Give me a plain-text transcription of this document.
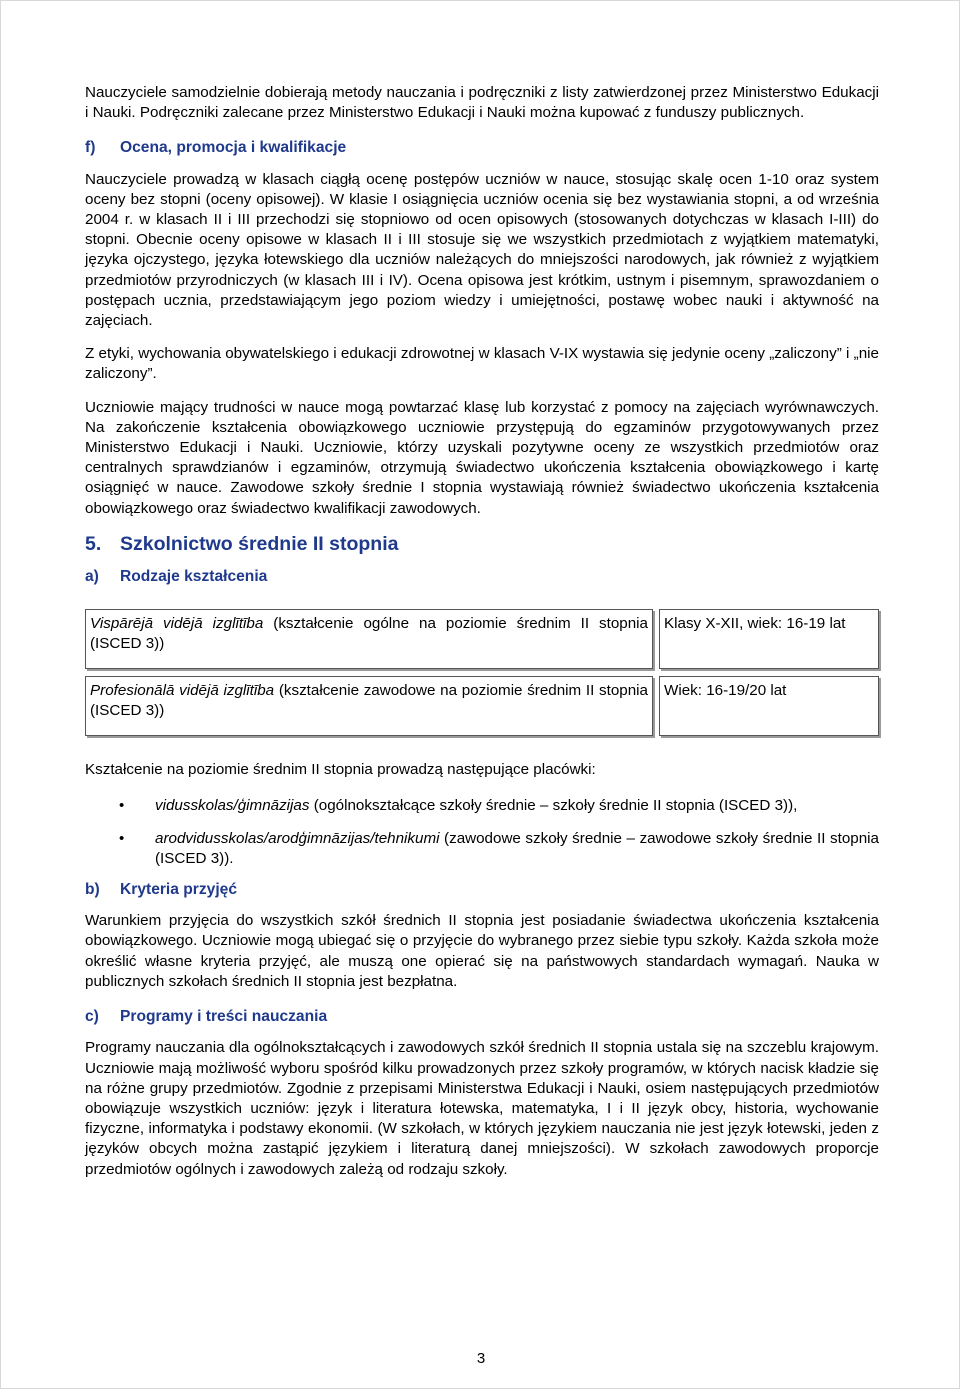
Nauczyciele samodzielnie dobierają metody nauczania i podręczniki z listy zatwierdzonej przez Ministerstwo Edukacji i Nauki. Podręczniki zalecane przez Ministerstwo Edukacji i Nauki można kupować z funduszy publicznych.

f) Ocena, promocja i kwalifikacje

Nauczyciele prowadzą w klasach ciągłą ocenę postępów uczniów w nauce, stosując skalę ocen 1-10 oraz system oceny bez stopni (oceny opisowej). W klasie I osiągnięcia uczniów ocenia się bez wystawiania stopni, a od września 2004 r. w klasach II i III przechodzi się stopniowo od ocen opisowych (stosowanych dotychczas w klasach I-III) do stopni. Obecnie oceny opisowe w klasach II i III stosuje się we wszystkich przedmiotach z wyjątkiem matematyki, języka ojczystego, języka łotewskiego dla uczniów należących do mniejszości narodowych, jak również z wyjątkiem przedmiotów przyrodniczych (w klasach III i IV). Ocena opisowa jest krótkim, ustnym i pisemnym, sprawozdaniem o postępach ucznia, przedstawiającym jego poziom wiedzy i umiejętności, postawę wobec nauki i aktywność na zajęciach.

Z etyki, wychowania obywatelskiego i edukacji zdrowotnej w klasach V-IX wystawia się jedynie oceny „zaliczony” i „nie zaliczony”.

Uczniowie mający trudności w nauce mogą powtarzać klasę lub korzystać z pomocy na zajęciach wyrównawczych. Na zakończenie kształcenia obowiązkowego uczniowie przystępują do egzaminów przygotowywanych przez Ministerstwo Edukacji i Nauki. Uczniowie, którzy uzyskali pozytywne oceny ze wszystkich przedmiotów oraz centralnych sprawdzianów i egzaminów, otrzymują świadectwo ukończenia kształcenia obowiązkowego i kartę osiągnięć w nauce. Zawodowe szkoły średnie I stopnia wystawiają również świadectwo ukończenia kształcenia obowiązkowego oraz świadectwo kwalifikacji zawodowych.

5. Szkolnictwo średnie II stopnia
a) Rodzaje kształcenia
Vispārējā vidējā izglītība (kształcenie ogólne na poziomie średnim II stopnia (ISCED 3))
Klasy X-XII, wiek: 16-19 lat
Profesionālā vidējā izglītība (kształcenie zawodowe na poziomie średnim II stopnia (ISCED 3))
Wiek: 16-19/20 lat

Kształcenie na poziomie średnim II stopnia prowadzą następujące placówki:

• vidusskolas/ģimnāzijas (ogólnokształcące szkoły średnie – szkoły średnie II stopnia (ISCED 3)),
• arodvidusskolas/arodģimnāzijas/tehnikumi (zawodowe szkoły średnie – zawodowe szkoły średnie II stopnia (ISCED 3)).
b) Kryteria przyjęć

Warunkiem przyjęcia do wszystkich szkół średnich II stopnia jest posiadanie świadectwa ukończenia kształcenia obowiązkowego. Uczniowie mogą ubiegać się o przyjęcie do wybranego przez siebie typu szkoły. Każda szkoła może określić własne kryteria przyjęć, ale muszą one opierać się na państwowych standardach wymagań. Nauka w publicznych szkołach średnich II stopnia jest bezpłatna.

c) Programy i treści nauczania

Programy nauczania dla ogólnokształcących i zawodowych szkół średnich II stopnia ustala się na szczeblu krajowym. Uczniowie mają możliwość wyboru spośród kilku prowadzonych przez szkoły programów, w których nacisk kładzie się na różne grupy przedmiotów. Zgodnie z przepisami Ministerstwa Edukacji i Nauki, osiem następujących przedmiotów obowiązuje wszystkich uczniów: język i literatura łotewska, matematyka, I i II język obcy, historia, wychowanie fizyczne, informatyka i podstawy ekonomii. (W szkołach, w których językiem nauczania nie jest język łotewski, jeden z języków obcych można zastąpić językiem i literaturą danej mniejszości). W szkołach zawodowych proporcje przedmiotów ogólnych i zawodowych zależą od rodzaju szkoły.

3
